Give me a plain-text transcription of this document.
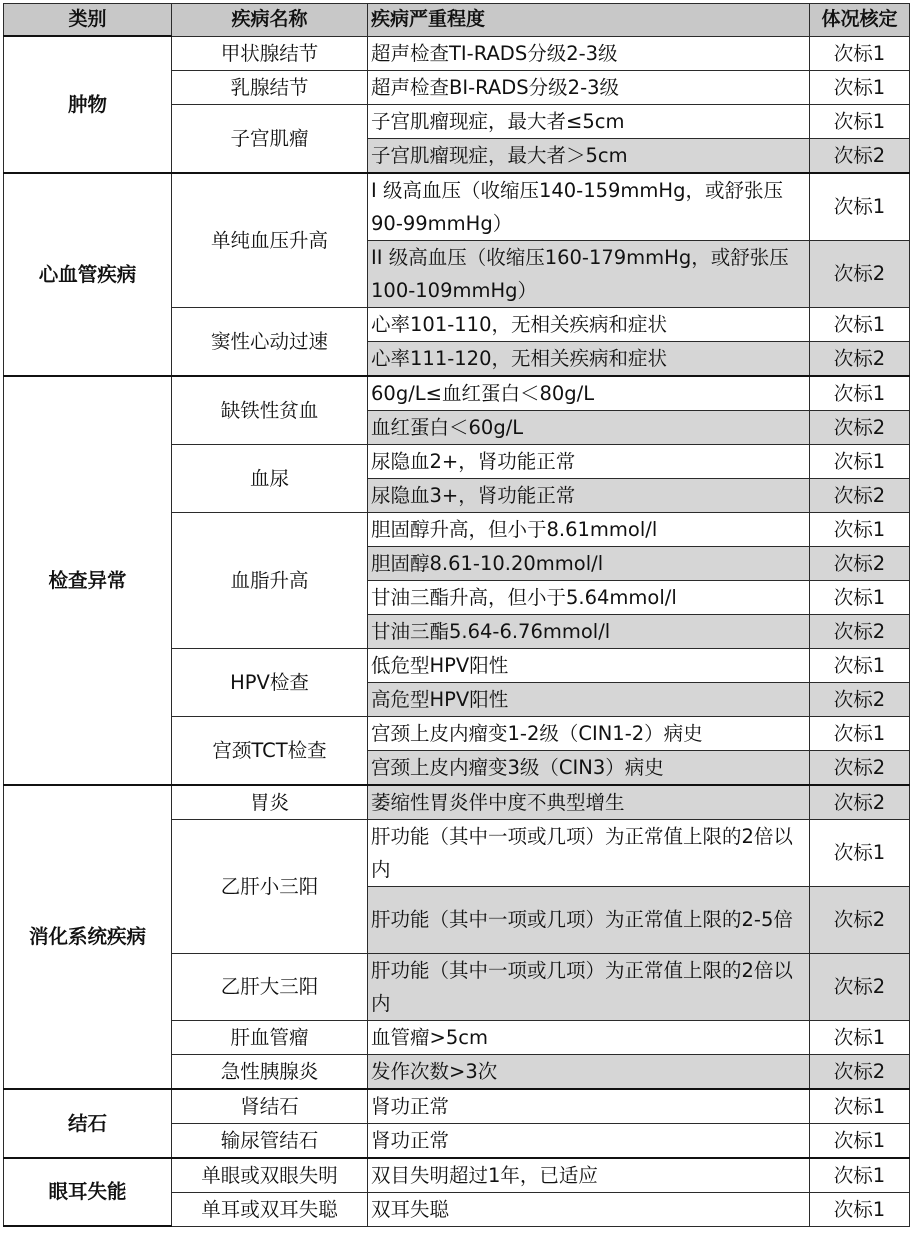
类别	疾病名称	疾病严重程度	体况核定
肿物	甲状腺结节	超声检查TI-RADS分级2-3级	次标1
	乳腺结节	超声检查BI-RADS分级2-3级	次标1
	子宫肌瘤	子宫肌瘤现症，最大者≤5cm	次标1
		子宫肌瘤现症，最大者＞5cm	次标2
心血管疾病	单纯血压升高	I 级高血压（收缩压140-159mmHg，或舒张压90-99mmHg）	次标1
		II 级高血压（收缩压160-179mmHg，或舒张压100-109mmHg）	次标2
	窦性心动过速	心率101-110，无相关疾病和症状	次标1
		心率111-120，无相关疾病和症状	次标2
检查异常	缺铁性贫血	60g/L≤血红蛋白＜80g/L	次标1
		血红蛋白＜60g/L	次标2
	血尿	尿隐血2+，肾功能正常	次标1
		尿隐血3+，肾功能正常	次标2
	血脂升高	胆固醇升高，但小于8.61mmol/l	次标1
		胆固醇8.61-10.20mmol/l	次标2
		甘油三酯升高，但小于5.64mmol/l	次标1
		甘油三酯5.64-6.76mmol/l	次标2
	HPV检查	低危型HPV阳性	次标1
		高危型HPV阳性	次标2
	宫颈TCT检查	宫颈上皮内瘤变1-2级（CIN1-2）病史	次标1
		宫颈上皮内瘤变3级（CIN3）病史	次标2
消化系统疾病	胃炎	萎缩性胃炎伴中度不典型增生	次标2
	乙肝小三阳	肝功能（其中一项或几项）为正常值上限的2倍以内	次标1
		肝功能（其中一项或几项）为正常值上限的2-5倍	次标2
	乙肝大三阳	肝功能（其中一项或几项）为正常值上限的2倍以内	次标2
	肝血管瘤	血管瘤>5cm	次标1
	急性胰腺炎	发作次数>3次	次标2
结石	肾结石	肾功正常	次标1
	输尿管结石	肾功正常	次标1
眼耳失能	单眼或双眼失明	双目失明超过1年，已适应	次标1
	单耳或双耳失聪	双耳失聪	次标1
